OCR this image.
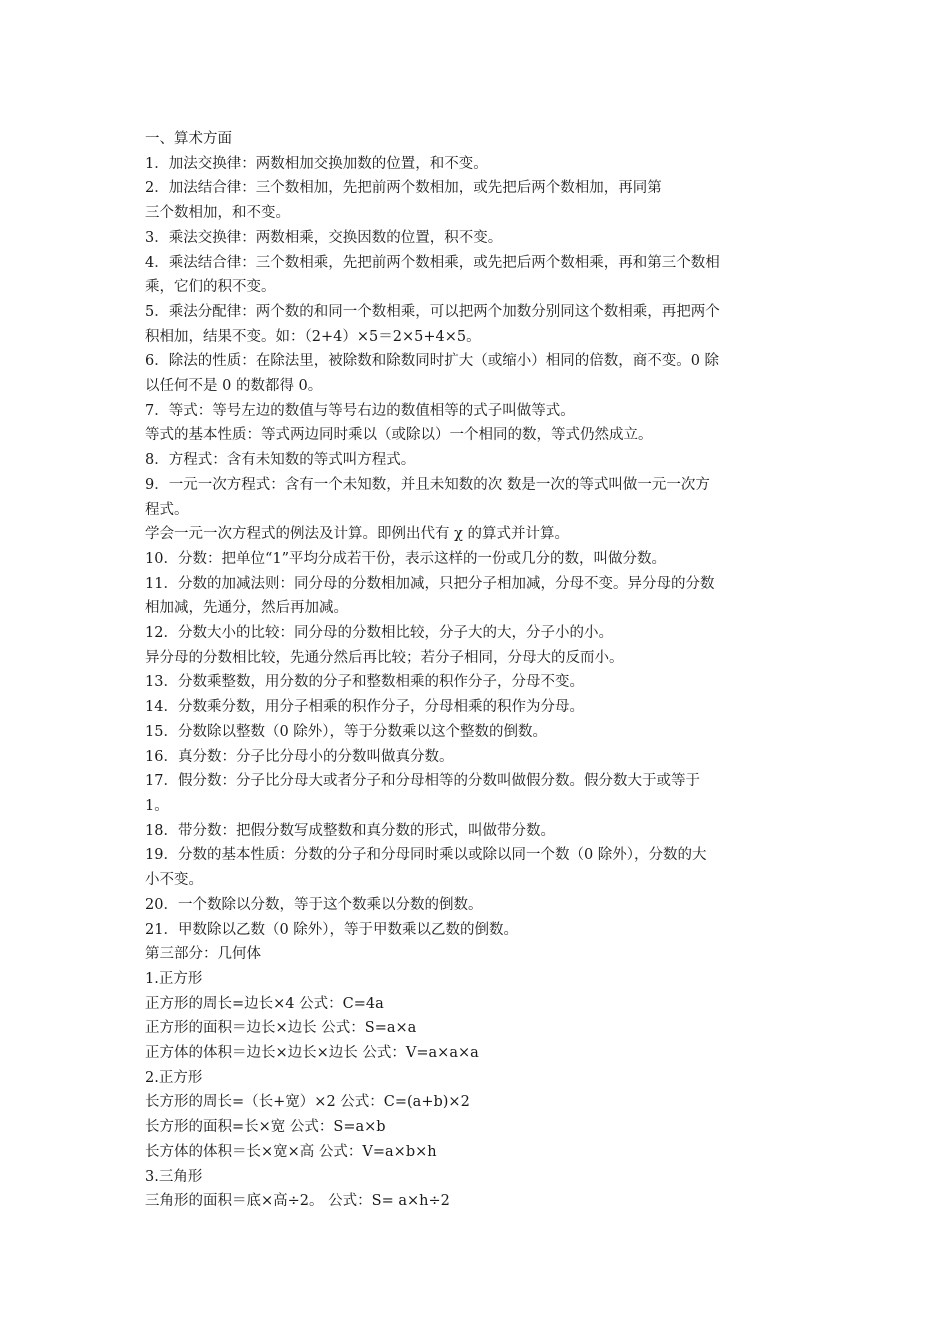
一、算术方面
1．加法交换律：两数相加交换加数的位置，和不变。
2．加法结合律：三个数相加，先把前两个数相加，或先把后两个数相加，再同第
三个数相加，和不变。
3．乘法交换律：两数相乘，交换因数的位置，积不变。
4．乘法结合律：三个数相乘，先把前两个数相乘，或先把后两个数相乘，再和第三个数相
乘，它们的积不变。
5．乘法分配律：两个数的和同一个数相乘，可以把两个加数分别同这个数相乘，再把两个
积相加，结果不变。如：（2+4）×5＝2×5+4×5。
6．除法的性质：在除法里，被除数和除数同时扩大（或缩小）相同的倍数，商不变。0 除
以任何不是 0 的数都得 0。
7．等式：等号左边的数值与等号右边的数值相等的式子叫做等式。
等式的基本性质：等式两边同时乘以（或除以）一个相同的数，等式仍然成立。
8．方程式：含有未知数的等式叫方程式。
9．一元一次方程式：含有一个未知数，并且未知数的次 数是一次的等式叫做一元一次方
程式。
学会一元一次方程式的例法及计算。即例出代有 χ 的算式并计算。
10．分数：把单位“1”平均分成若干份，表示这样的一份或几分的数，叫做分数。
11．分数的加减法则：同分母的分数相加减，只把分子相加减，分母不变。异分母的分数
相加减，先通分，然后再加减。
12．分数大小的比较：同分母的分数相比较，分子大的大，分子小的小。
异分母的分数相比较，先通分然后再比较；若分子相同，分母大的反而小。
13．分数乘整数，用分数的分子和整数相乘的积作分子，分母不变。
14．分数乘分数，用分子相乘的积作分子，分母相乘的积作为分母。
15．分数除以整数（0 除外），等于分数乘以这个整数的倒数。
16．真分数：分子比分母小的分数叫做真分数。
17．假分数：分子比分母大或者分子和分母相等的分数叫做假分数。假分数大于或等于
1。
18．带分数：把假分数写成整数和真分数的形式，叫做带分数。
19．分数的基本性质：分数的分子和分母同时乘以或除以同一个数（0 除外），分数的大
小不变。
20．一个数除以分数，等于这个数乘以分数的倒数。
21．甲数除以乙数（0 除外），等于甲数乘以乙数的倒数。
第三部分：几何体
1.正方形
正方形的周长=边长×4 公式：C=4a
正方形的面积＝边长×边长 公式：S=a×a
正方体的体积＝边长×边长×边长 公式：V=a×a×a
2.正方形
长方形的周长=（长+宽）×2 公式：C=(a+b)×2
长方形的面积=长×宽 公式：S=a×b
长方体的体积＝长×宽×高 公式：V=a×b×h
3.三角形
三角形的面积＝底×高÷2。 公式：S= a×h÷2
